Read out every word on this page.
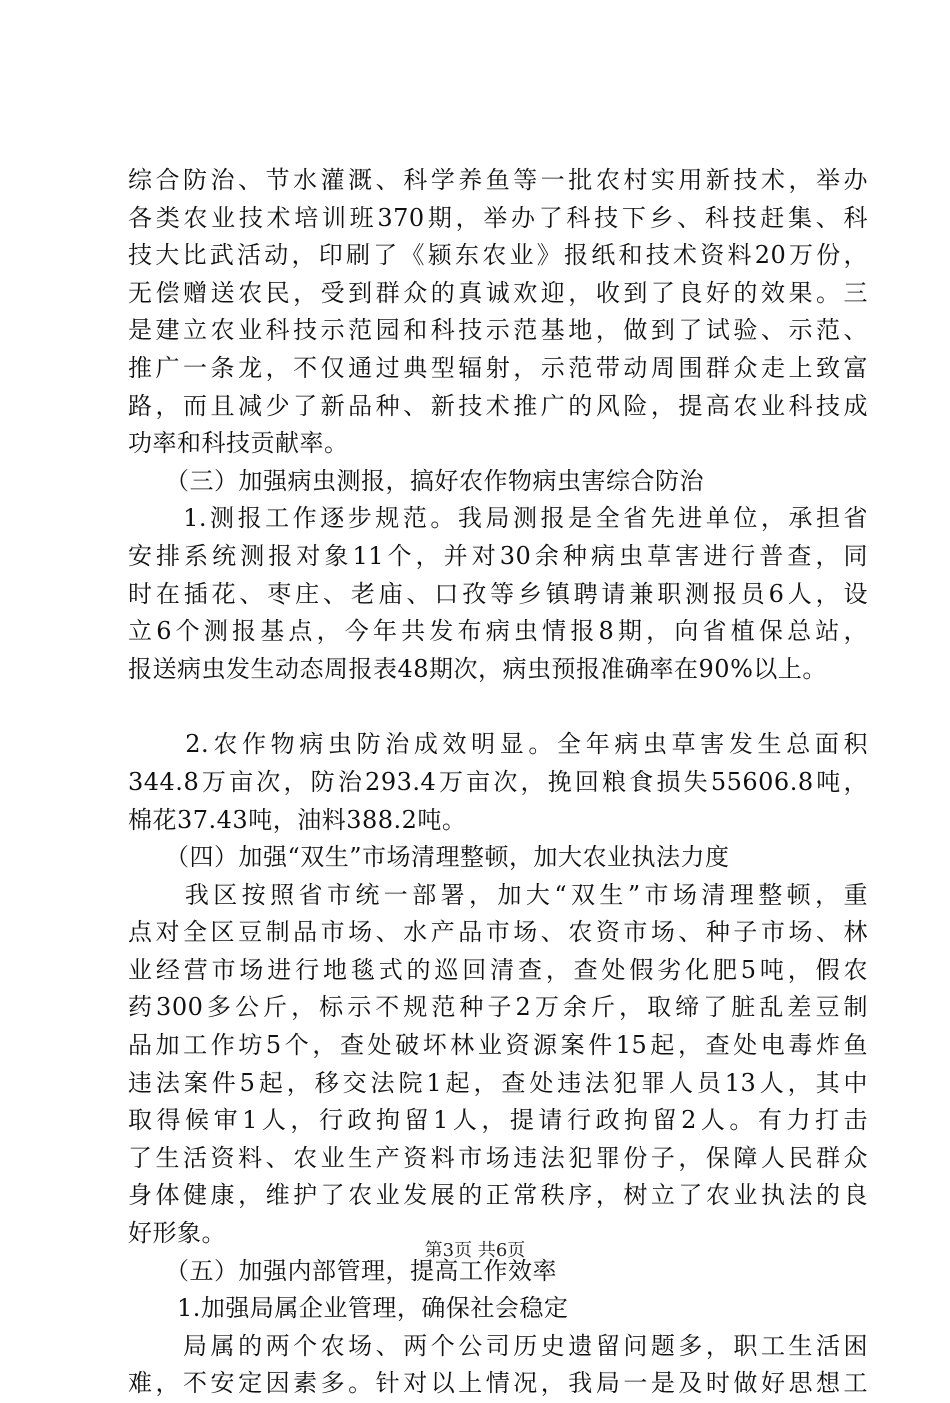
综合防治、节水灌溉、科学养鱼等一批农村实用新技术，举办
各类农业技术培训班370期，举办了科技下乡、科技赶集、科
技大比武活动，印刷了《颍东农业》报纸和技术资料20万份，
无偿赠送农民，受到群众的真诚欢迎，收到了良好的效果。三
是建立农业科技示范园和科技示范基地，做到了试验、示范、
推广一条龙，不仅通过典型辐射，示范带动周围群众走上致富
路，而且减少了新品种、新技术推广的风险，提高农业科技成
功率和科技贡献率。
　　（三）加强病虫测报，搞好农作物病虫害综合防治
　　1.测报工作逐步规范。我局测报是全省先进单位，承担省
安排系统测报对象11个，并对30余种病虫草害进行普查，同
时在插花、枣庄、老庙、口孜等乡镇聘请兼职测报员6人，设
立6个测报基点，今年共发布病虫情报8期，向省植保总站，
报送病虫发生动态周报表48期次，病虫预报准确率在90%以上。
　　2.农作物病虫防治成效明显。全年病虫草害发生总面积
344.8万亩次，防治293.4万亩次，挽回粮食损失55606.8吨，
棉花37.43吨，油料388.2吨。
　　（四）加强“双生”市场清理整顿，加大农业执法力度
　　我区按照省市统一部署，加大“双生”市场清理整顿，重
点对全区豆制品市场、水产品市场、农资市场、种子市场、林
业经营市场进行地毯式的巡回清查，查处假劣化肥5吨，假农
药300多公斤，标示不规范种子2万余斤，取缔了脏乱差豆制
品加工作坊5个，查处破坏林业资源案件15起，查处电毒炸鱼
违法案件5起，移交法院1起，查处违法犯罪人员13人，其中
取得候审1人，行政拘留1人，提请行政拘留2人。有力打击
了生活资料、农业生产资料市场违法犯罪份子，保障人民群众
身体健康，维护了农业发展的正常秩序，树立了农业执法的良
好形象。
　　（五）加强内部管理，提高工作效率
　　1.加强局属企业管理，确保社会稳定
　　局属的两个农场、两个公司历史遗留问题多，职工生活困
难，不安定因素多。针对以上情况，我局一是及时做好思想工
第3页 共6页
